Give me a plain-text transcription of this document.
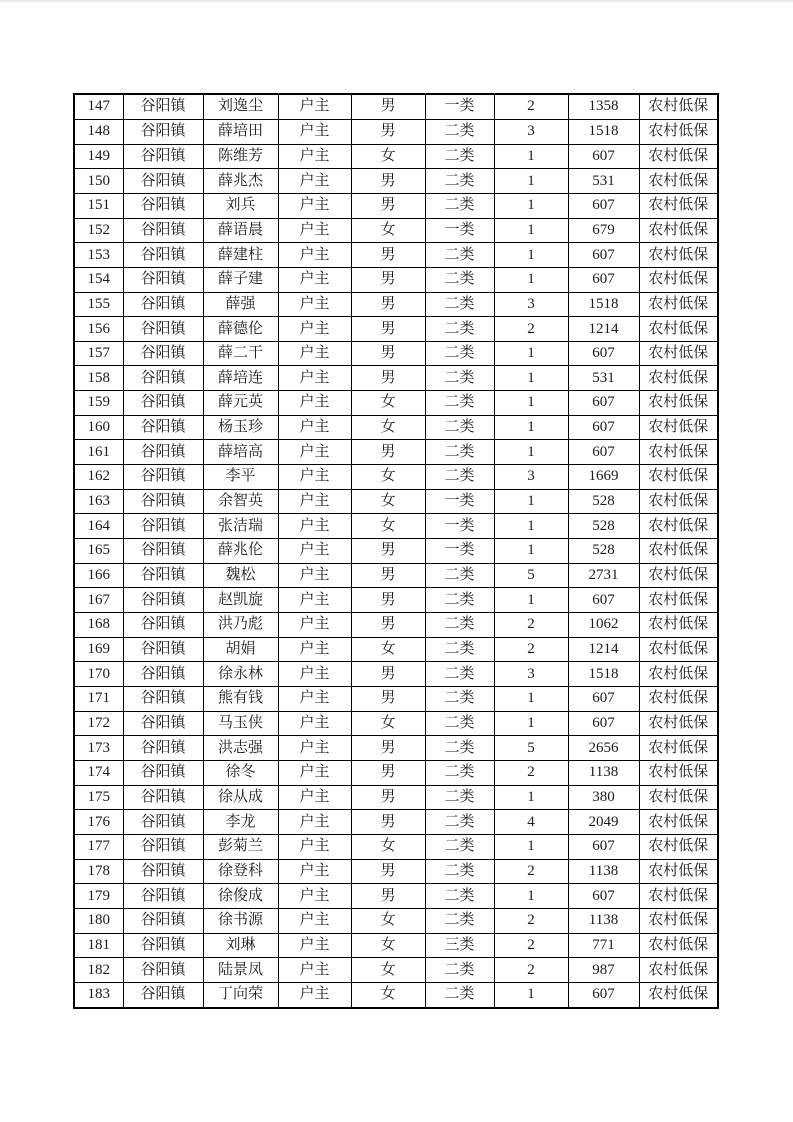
147	谷阳镇	刘逸尘	户主	男	一类	2	1358	农村低保
148	谷阳镇	薛培田	户主	男	二类	3	1518	农村低保
149	谷阳镇	陈维芳	户主	女	二类	1	607	农村低保
150	谷阳镇	薛兆杰	户主	男	二类	1	531	农村低保
151	谷阳镇	刘兵	户主	男	二类	1	607	农村低保
152	谷阳镇	薛语晨	户主	女	一类	1	679	农村低保
153	谷阳镇	薛建柱	户主	男	二类	1	607	农村低保
154	谷阳镇	薛子建	户主	男	二类	1	607	农村低保
155	谷阳镇	薛强	户主	男	二类	3	1518	农村低保
156	谷阳镇	薛德伦	户主	男	二类	2	1214	农村低保
157	谷阳镇	薛二干	户主	男	二类	1	607	农村低保
158	谷阳镇	薛培连	户主	男	二类	1	531	农村低保
159	谷阳镇	薛元英	户主	女	二类	1	607	农村低保
160	谷阳镇	杨玉珍	户主	女	二类	1	607	农村低保
161	谷阳镇	薛培高	户主	男	二类	1	607	农村低保
162	谷阳镇	李平	户主	女	二类	3	1669	农村低保
163	谷阳镇	余智英	户主	女	一类	1	528	农村低保
164	谷阳镇	张洁瑞	户主	女	一类	1	528	农村低保
165	谷阳镇	薛兆伦	户主	男	一类	1	528	农村低保
166	谷阳镇	魏松	户主	男	二类	5	2731	农村低保
167	谷阳镇	赵凯旋	户主	男	二类	1	607	农村低保
168	谷阳镇	洪乃彪	户主	男	二类	2	1062	农村低保
169	谷阳镇	胡娟	户主	女	二类	2	1214	农村低保
170	谷阳镇	徐永林	户主	男	二类	3	1518	农村低保
171	谷阳镇	熊有钱	户主	男	二类	1	607	农村低保
172	谷阳镇	马玉侠	户主	女	二类	1	607	农村低保
173	谷阳镇	洪志强	户主	男	二类	5	2656	农村低保
174	谷阳镇	徐冬	户主	男	二类	2	1138	农村低保
175	谷阳镇	徐从成	户主	男	二类	1	380	农村低保
176	谷阳镇	李龙	户主	男	二类	4	2049	农村低保
177	谷阳镇	彭菊兰	户主	女	二类	1	607	农村低保
178	谷阳镇	徐登科	户主	男	二类	2	1138	农村低保
179	谷阳镇	徐俊成	户主	男	二类	1	607	农村低保
180	谷阳镇	徐书源	户主	女	二类	2	1138	农村低保
181	谷阳镇	刘琳	户主	女	三类	2	771	农村低保
182	谷阳镇	陆景凤	户主	女	二类	2	987	农村低保
183	谷阳镇	丁向荣	户主	女	二类	1	607	农村低保
